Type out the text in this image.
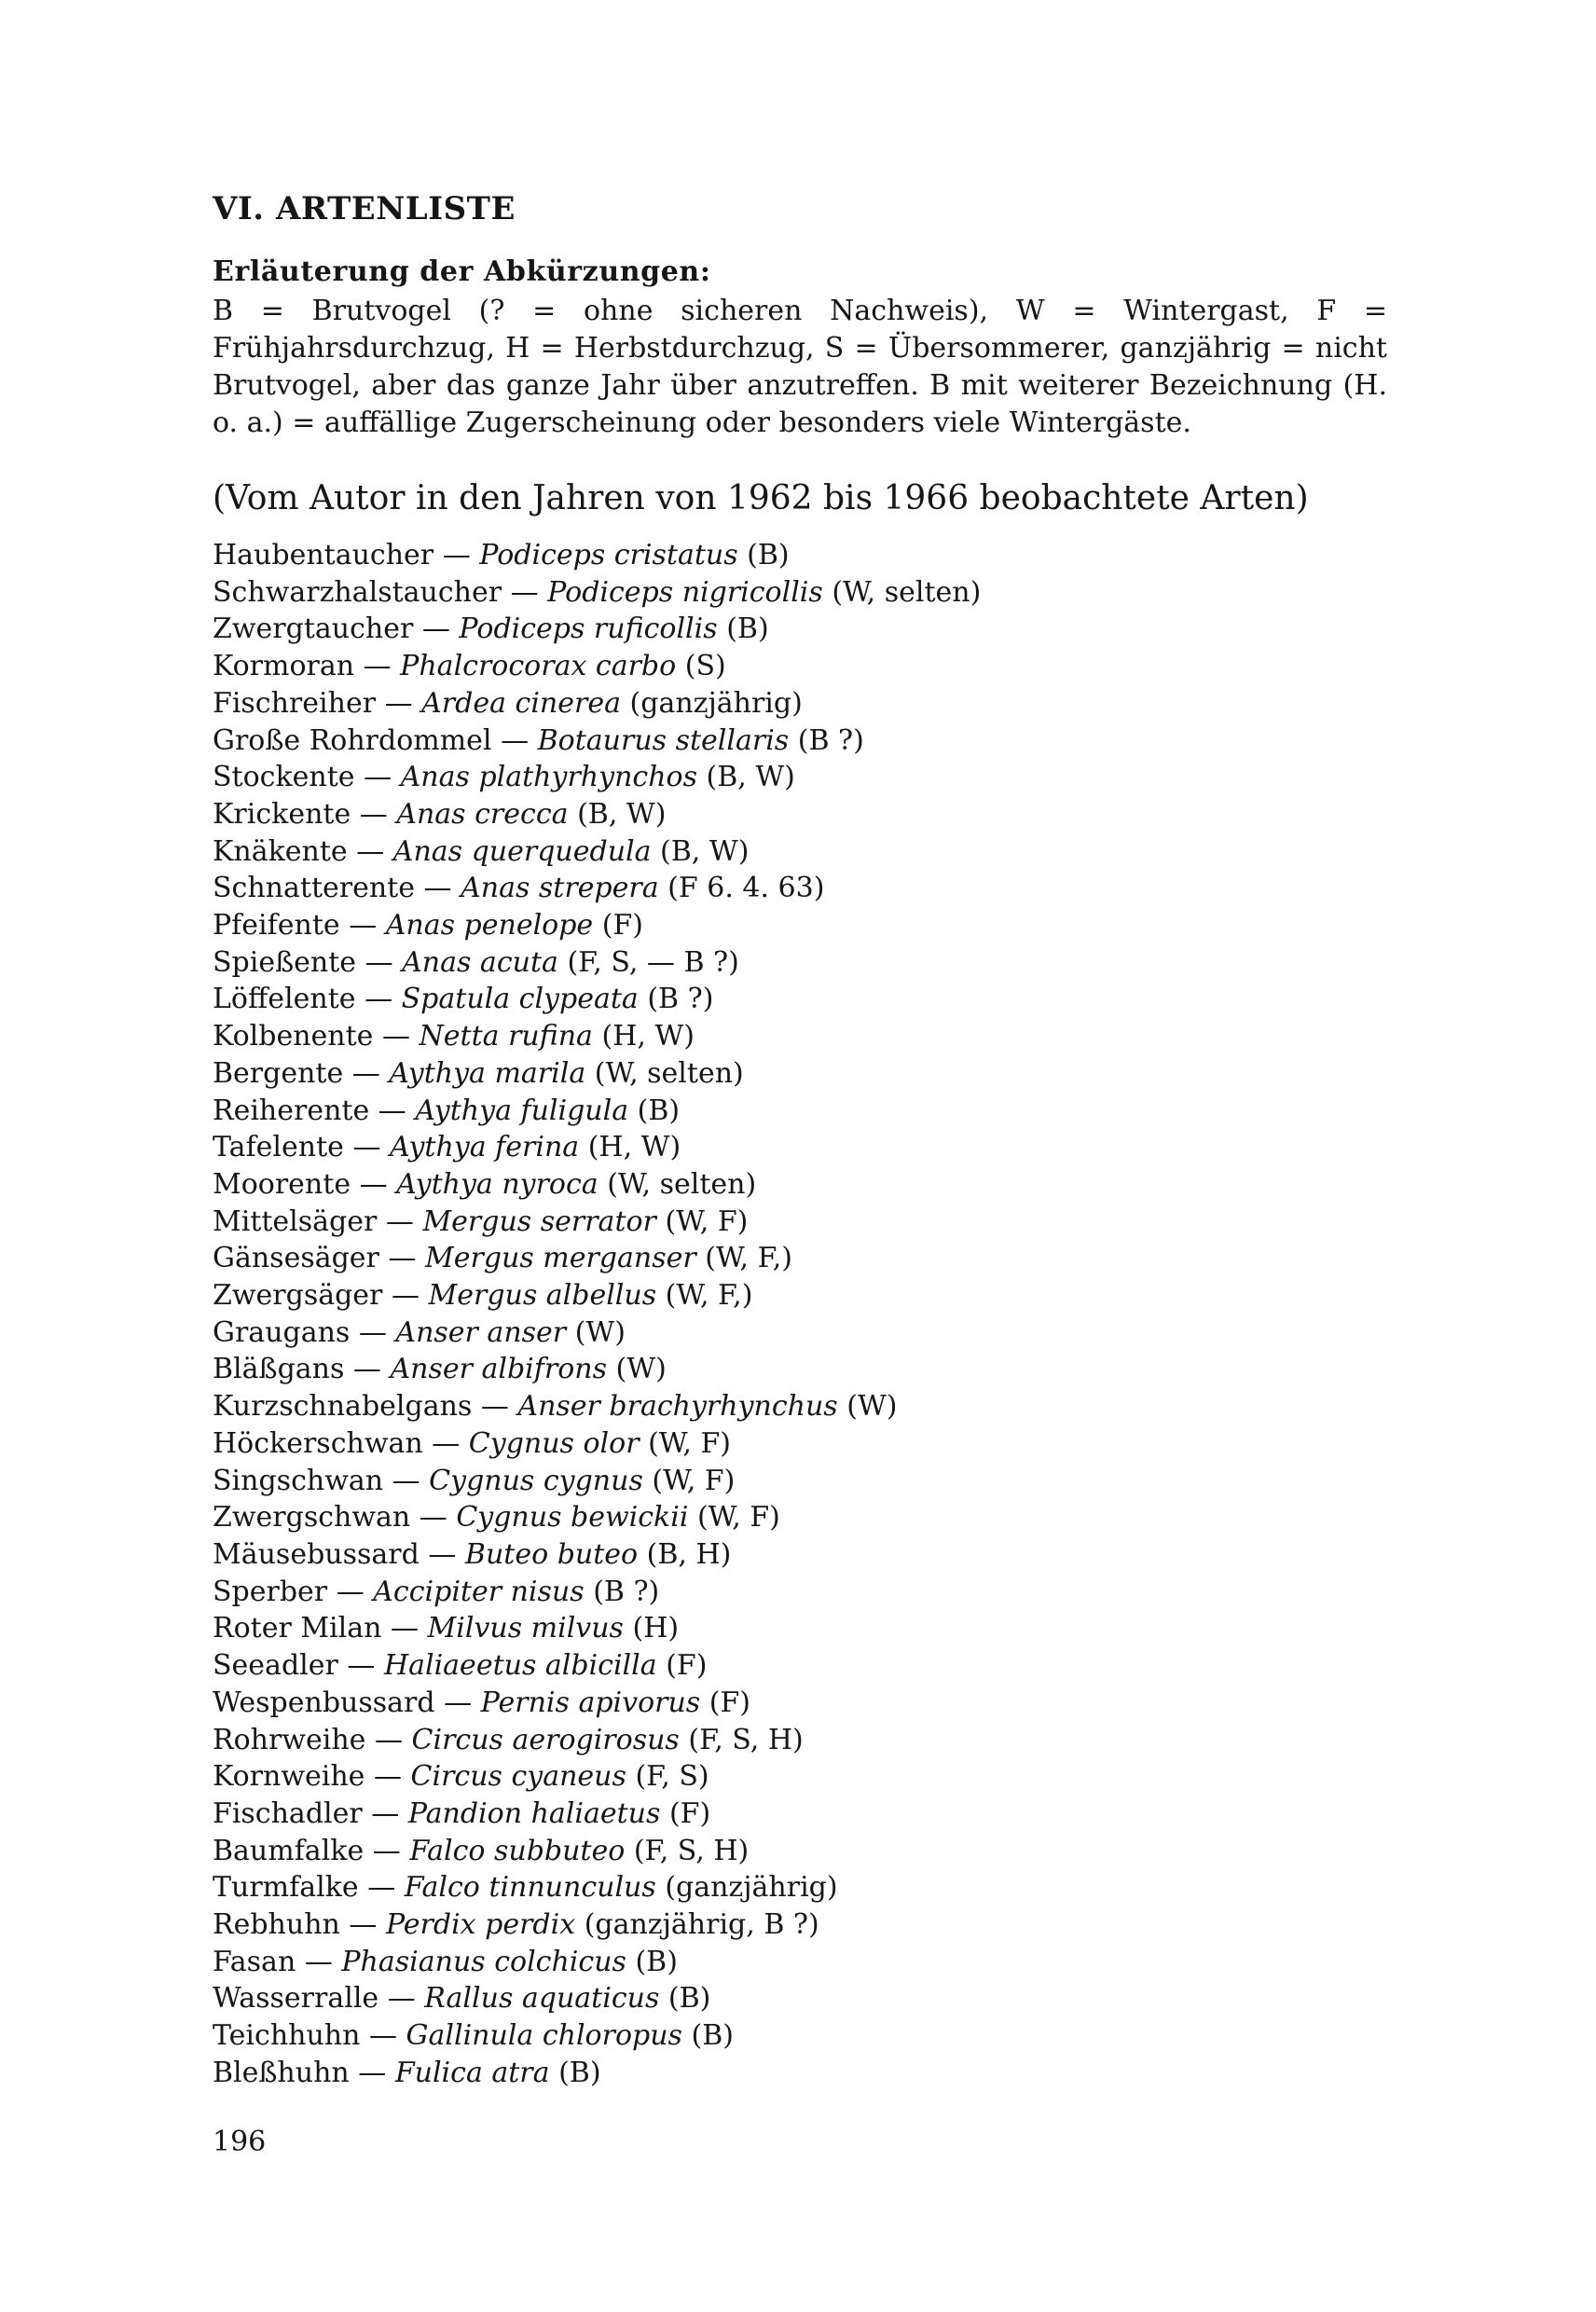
VI. ARTENLISTE
Erläuterung der Abkürzungen:

B = Brutvogel (? = ohne sicheren Nachweis), W = Wintergast, F = Frühjahrsdurchzug, H = Herbstdurchzug, S = Übersommerer, ganzjährig = nicht Brutvogel, aber das ganze Jahr über anzutreffen. B mit weiterer Bezeichnung (H. o. a.) = auffällige Zugerscheinung oder besonders viele Wintergäste.

(Vom Autor in den Jahren von 1962 bis 1966 beobachtete Arten)
Haubentaucher — Podiceps cristatus (B)
Schwarzhalstaucher — Podiceps nigricollis (W, selten)
Zwergtaucher — Podiceps ruficollis (B)
Kormoran — Phalcrocorax carbo (S)
Fischreiher — Ardea cinerea (ganzjährig)
Große Rohrdommel — Botaurus stellaris (B ?)
Stockente — Anas plathyrhynchos (B, W)
Krickente — Anas crecca (B, W)
Knäkente — Anas querquedula (B, W)
Schnatterente — Anas strepera (F 6. 4. 63)
Pfeifente — Anas penelope (F)
Spießente — Anas acuta (F, S, — B ?)
Löffelente — Spatula clypeata (B ?)
Kolbenente — Netta rufina (H, W)
Bergente — Aythya marila (W, selten)
Reiherente — Aythya fuligula (B)
Tafelente — Aythya ferina (H, W)
Moorente — Aythya nyroca (W, selten)
Mittelsäger — Mergus serrator (W, F)
Gänsesäger — Mergus merganser (W, F,)
Zwergsäger — Mergus albellus (W, F,)
Graugans — Anser anser (W)
Bläßgans — Anser albifrons (W)
Kurzschnabelgans — Anser brachyrhynchus (W)
Höckerschwan — Cygnus olor (W, F)
Singschwan — Cygnus cygnus (W, F)
Zwergschwan — Cygnus bewickii (W, F)
Mäusebussard — Buteo buteo (B, H)
Sperber — Accipiter nisus (B ?)
Roter Milan — Milvus milvus (H)
Seeadler — Haliaeetus albicilla (F)
Wespenbussard — Pernis apivorus (F)
Rohrweihe — Circus aerogirosus (F, S, H)
Kornweihe — Circus cyaneus (F, S)
Fischadler — Pandion haliaetus (F)
Baumfalke — Falco subbuteo (F, S, H)
Turmfalke — Falco tinnunculus (ganzjährig)
Rebhuhn — Perdix perdix (ganzjährig, B ?)
Fasan — Phasianus colchicus (B)
Wasserralle — Rallus aquaticus (B)
Teichhuhn — Gallinula chloropus (B)
Bleßhuhn — Fulica atra (B)
196
